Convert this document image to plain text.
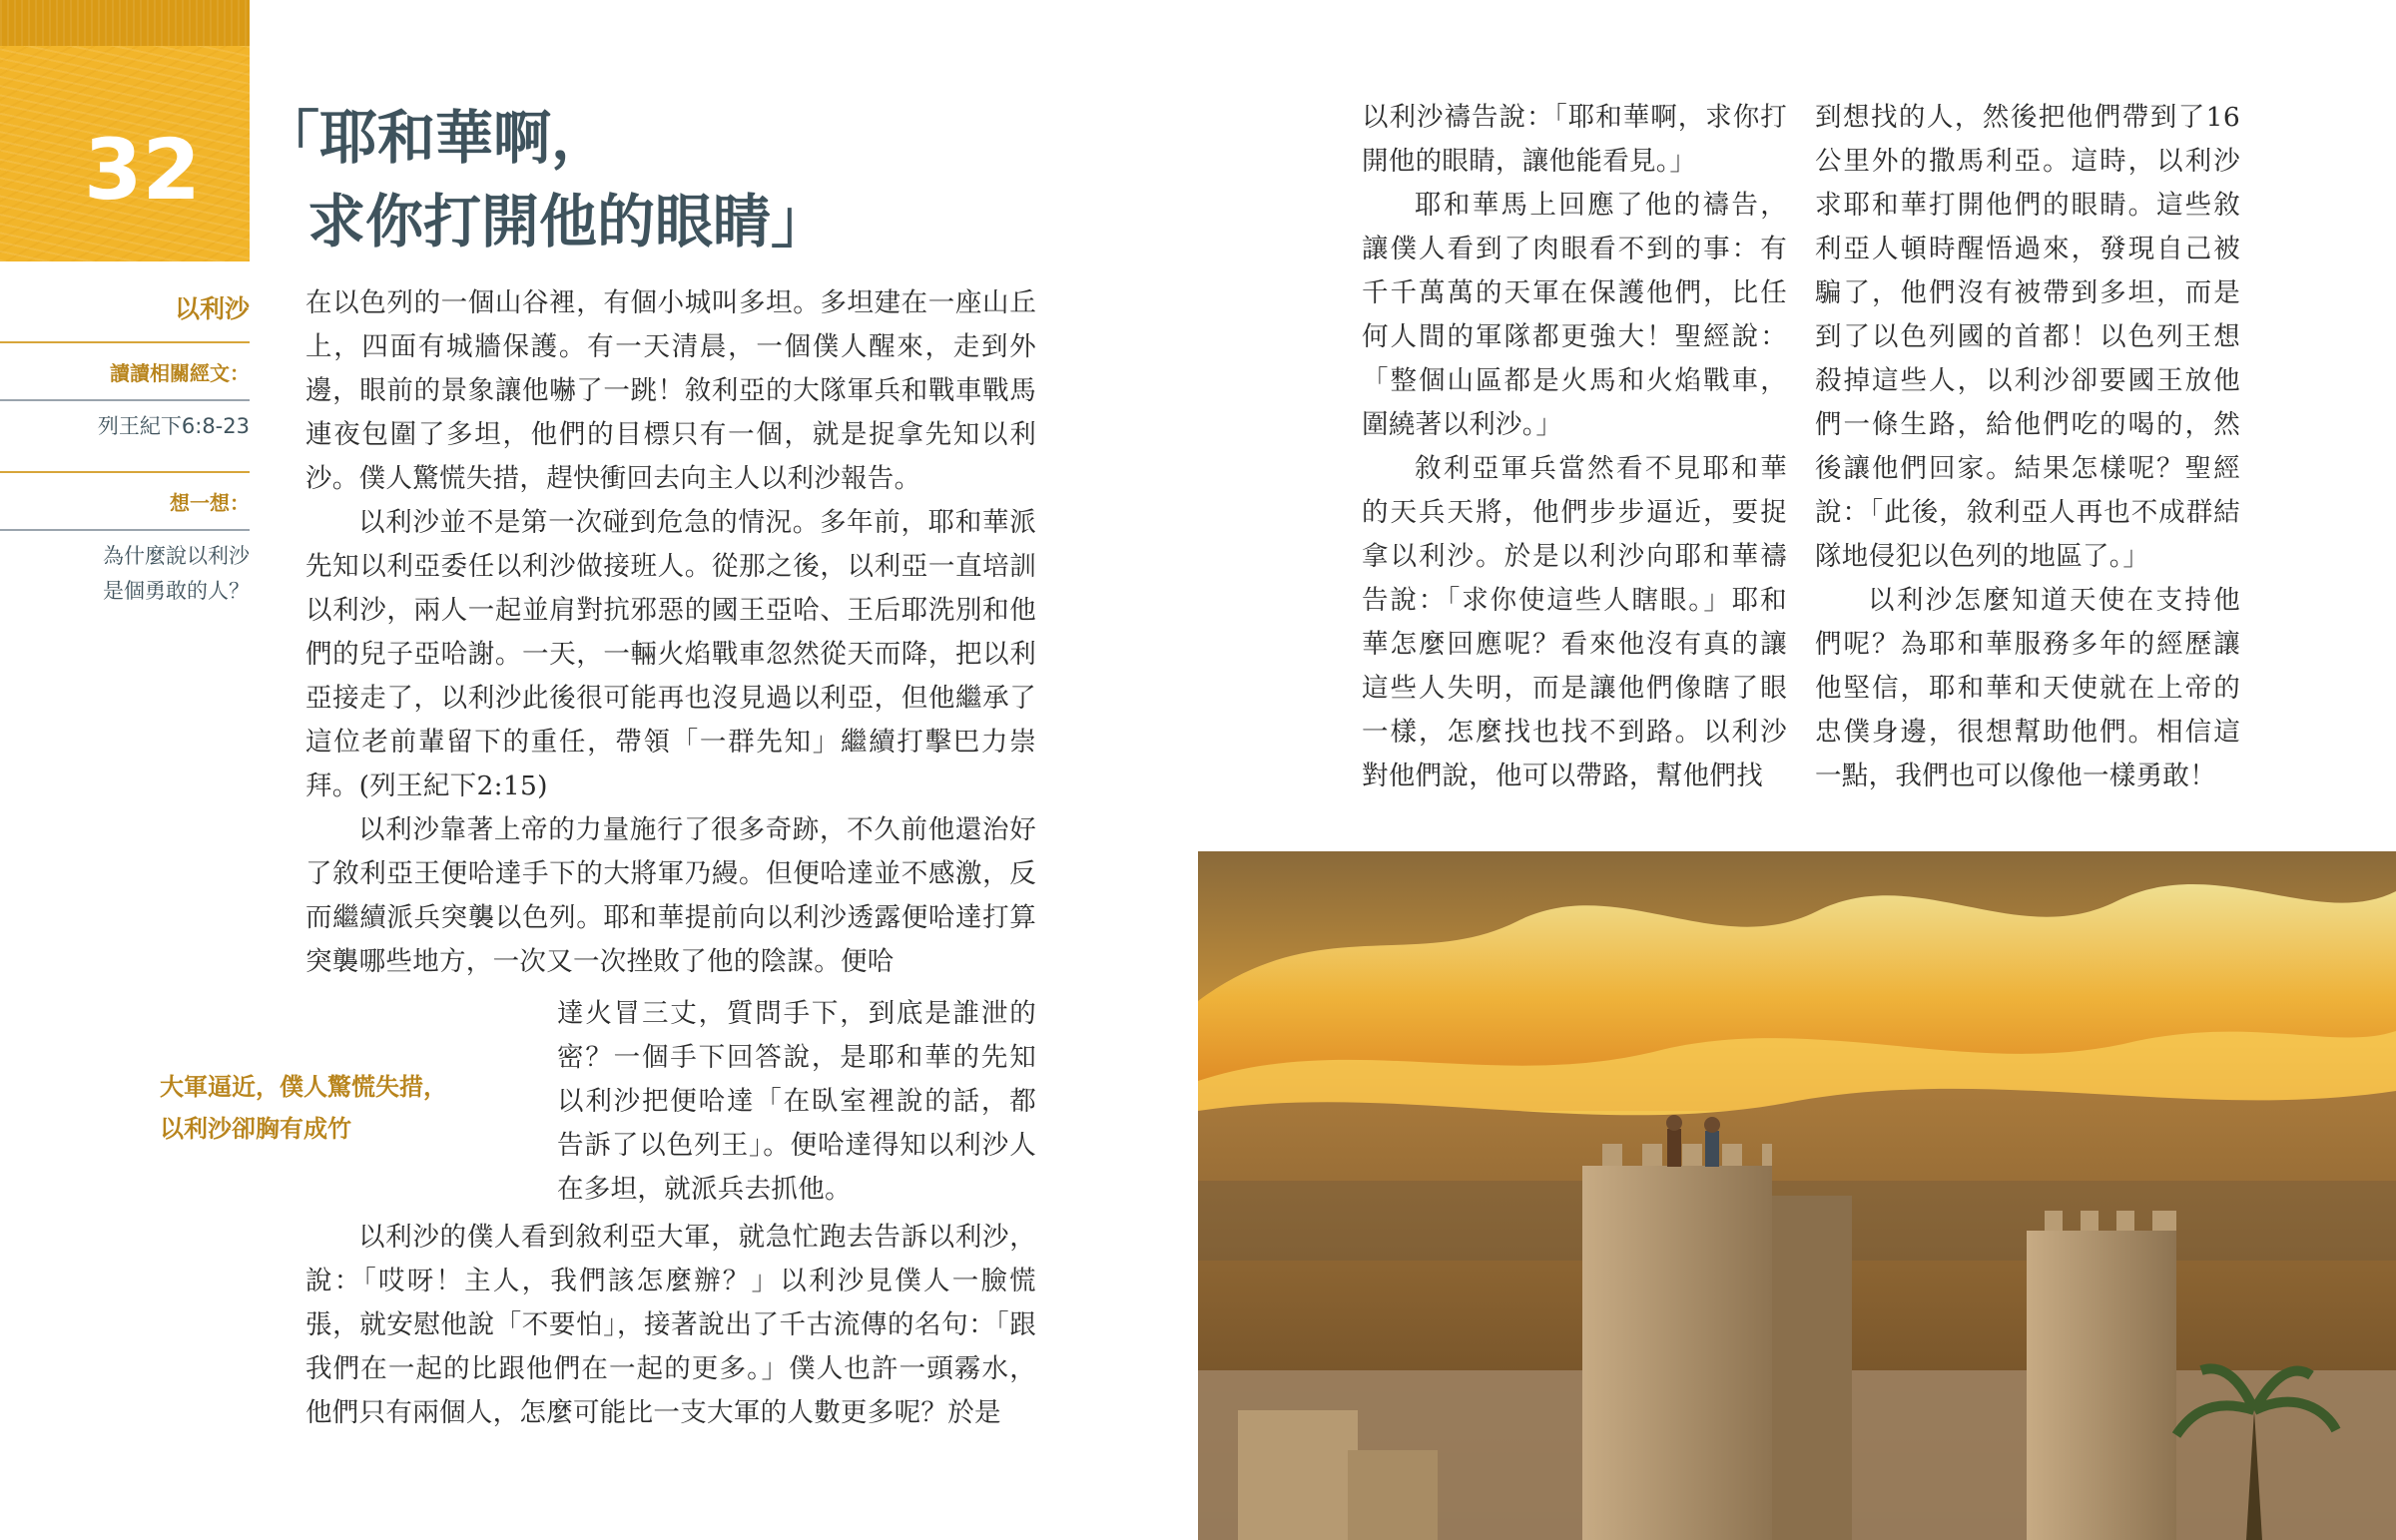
32	「耶和華啊，
求你打開他的眼睛」
以利沙
讀讀相關經文：
列王紀下6:8-23
想一想：
為什麼說以利沙
是個勇敢的人？
大軍逼近，僕人驚慌失措，
以利沙卻胸有成竹

在以色列的一個山谷裡，有個小城叫多坦。多坦建在一座山丘上，四面有城牆保護。有一天清晨，一個僕人醒來，走到外邊，眼前的景象讓他嚇了一跳！敘利亞的大隊軍兵和戰車戰馬連夜包圍了多坦，他們的目標只有一個，就是捉拿先知以利沙。僕人驚慌失措，趕快衝回去向主人以利沙報告。

以利沙並不是第一次碰到危急的情況。多年前，耶和華派先知以利亞委任以利沙做接班人。從那之後，以利亞一直培訓以利沙，兩人一起並肩對抗邪惡的國王亞哈、王后耶洗別和他們的兒子亞哈謝。一天，一輛火焰戰車忽然從天而降，把以利亞接走了，以利沙此後很可能再也沒見過以利亞，但他繼承了這位老前輩留下的重任，帶領「一群先知」繼續打擊巴力崇拜。(列王紀下2:15)

以利沙靠著上帝的力量施行了很多奇跡，不久前他還治好了敘利亞王便哈達手下的大將軍乃縵。但便哈達並不感激，反而繼續派兵突襲以色列。耶和華提前向以利沙透露便哈達打算突襲哪些地方，一次又一次挫敗了他的陰謀。便哈

達火冒三丈，質問手下，到底是誰泄的密？一個手下回答說，是耶和華的先知以利沙把便哈達「在臥室裡說的話，都告訴了以色列王」。便哈達得知以利沙人在多坦，就派兵去抓他。

以利沙的僕人看到敘利亞大軍，就急忙跑去告訴以利沙，說：「哎呀！主人，我們該怎麼辦？」以利沙見僕人一臉慌張，就安慰他說「不要怕」，接著說出了千古流傳的名句：「跟我們在一起的比跟他們在一起的更多。」僕人也許一頭霧水，他們只有兩個人，怎麼可能比一支大軍的人數更多呢？於是

以利沙禱告說：「耶和華啊，求你打開他的眼睛，讓他能看見。」

耶和華馬上回應了他的禱告，讓僕人看到了肉眼看不到的事：有千千萬萬的天軍在保護他們，比任何人間的軍隊都更強大！聖經說：「整個山區都是火馬和火焰戰車，圍繞著以利沙。」

敘利亞軍兵當然看不見耶和華的天兵天將，他們步步逼近，要捉拿以利沙。於是以利沙向耶和華禱告說：「求你使這些人瞎眼。」耶和華怎麼回應呢？看來他沒有真的讓這些人失明，而是讓他們像瞎了眼一樣，怎麼找也找不到路。以利沙對他們說，他可以帶路，幫他們找

到想找的人，然後把他們帶到了16公里外的撒馬利亞。這時，以利沙求耶和華打開他們的眼睛。這些敘利亞人頓時醒悟過來，發現自己被騙了，他們沒有被帶到多坦，而是到了以色列國的首都！以色列王想殺掉這些人，以利沙卻要國王放他們一條生路，給他們吃的喝的，然後讓他們回家。結果怎樣呢？聖經說：「此後，敘利亞人再也不成群結隊地侵犯以色列的地區了。」

以利沙怎麼知道天使在支持他們呢？為耶和華服務多年的經歷讓他堅信，耶和華和天使就在上帝的忠僕身邊，很想幫助他們。相信這一點，我們也可以像他一樣勇敢！
